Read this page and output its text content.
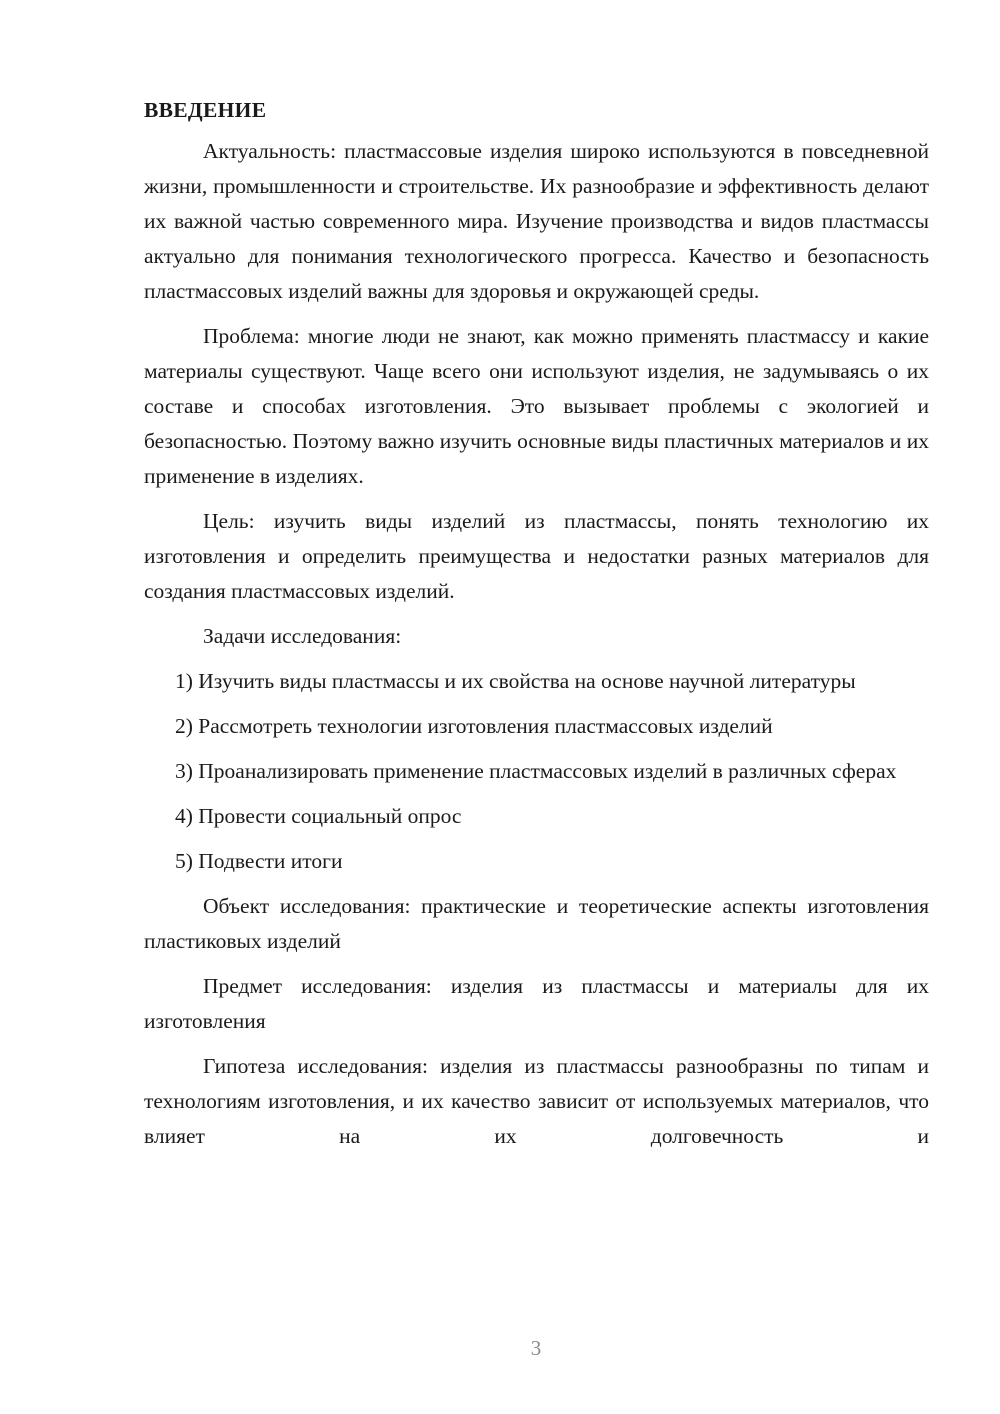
ВВЕДЕНИЕ

Актуальность: пластмассовые изделия широко используются в повседневной жизни, промышленности и строительстве. Их разнообразие и эффективность делают их важной частью современного мира. Изучение производства и видов пластмассы актуально для понимания технологического прогресса. Качество и безопасность пластмассовых изделий важны для здоровья и окружающей среды.

Проблема: многие люди не знают, как можно применять пластмассу и какие материалы существуют. Чаще всего они используют изделия, не задумываясь о их составе и способах изготовления. Это вызывает проблемы с экологией и безопасностью. Поэтому важно изучить основные виды пластичных материалов и их применение в изделиях.

Цель: изучить виды изделий из пластмассы, понять технологию их изготовления и определить преимущества и недостатки разных материалов для создания пластмассовых изделий.

Задачи исследования:

1) Изучить виды пластмассы и их свойства на основе научной литературы

2) Рассмотреть технологии изготовления пластмассовых изделий

3) Проанализировать применение пластмассовых изделий в различных сферах

4) Провести социальный опрос

5) Подвести итоги

Объект исследования: практические и теоретические аспекты изготовления пластиковых изделий

Предмет исследования: изделия из пластмассы и материалы для их изготовления

Гипотеза исследования: изделия из пластмассы разнообразны по типам и технологиям изготовления, и их качество зависит от используемых материалов, что влияет на их долговечность и

3
